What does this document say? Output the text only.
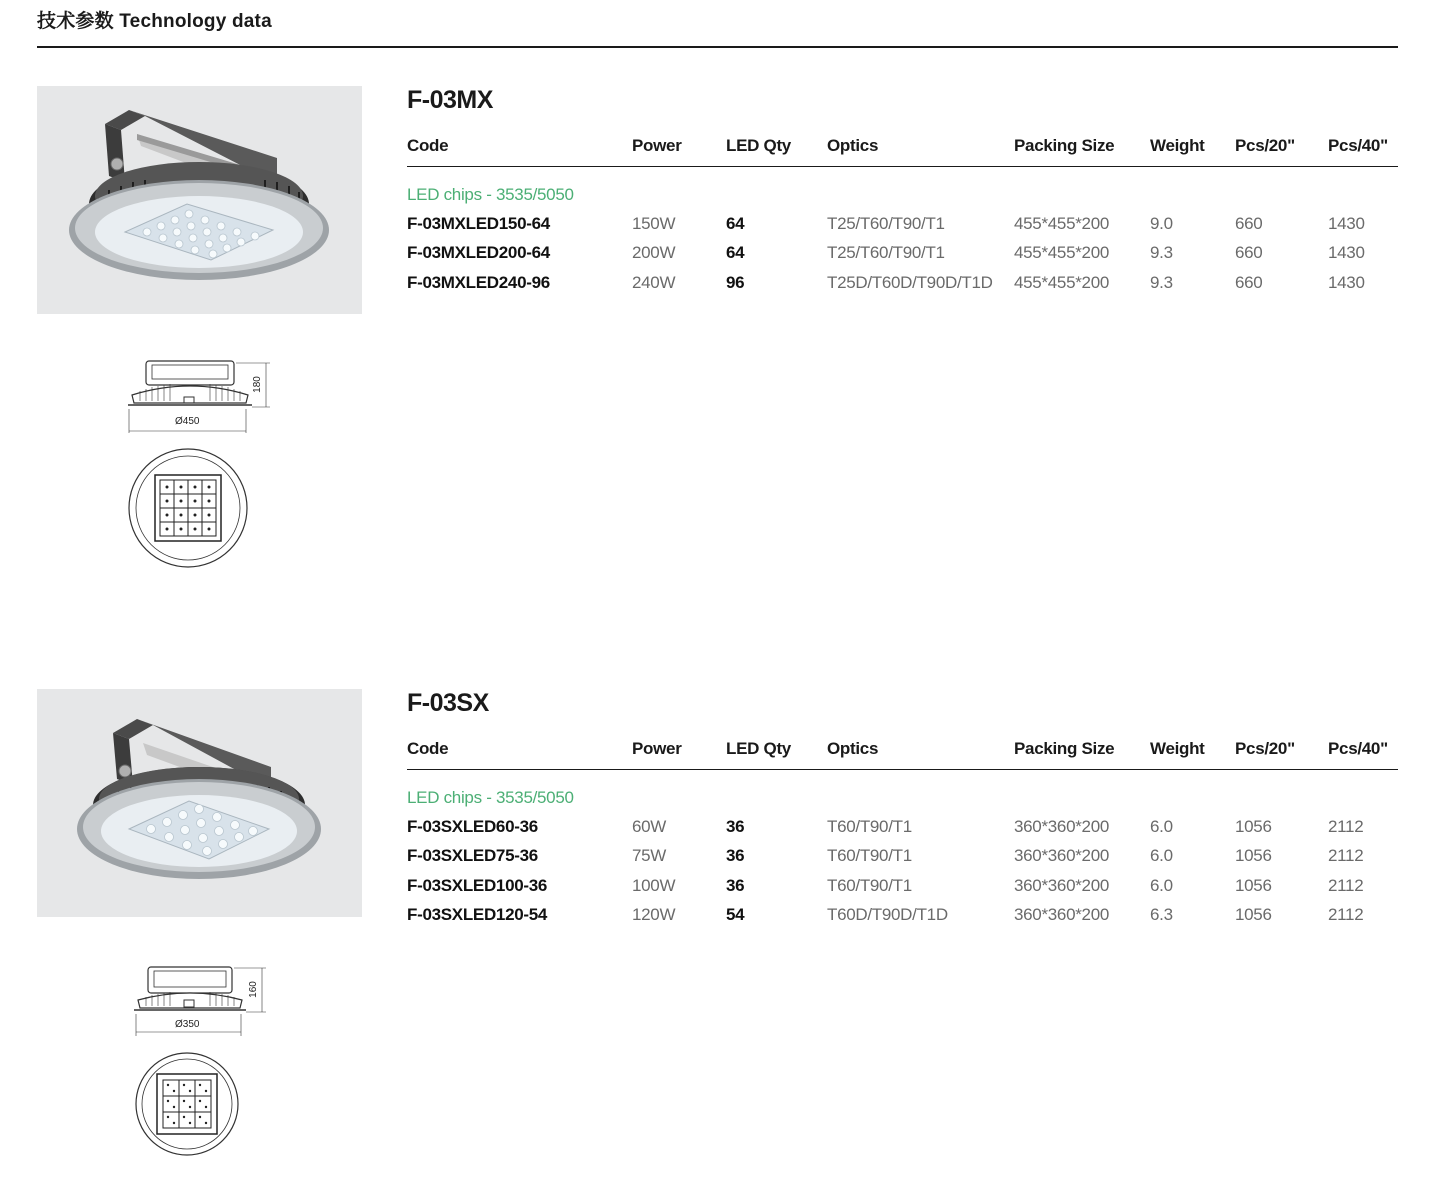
技术参数 Technology data
F-03MX
Code	Power	LED Qty	Optics	Packing Size	Weight	Pcs/20"	Pcs/40"
LED chips - 3535/5050							
F-03MXLED150-64	150W	64	T25/T60/T90/T1	455*455*200	9.0	660	1430
F-03MXLED200-64	200W	64	T25/T60/T90/T1	455*455*200	9.3	660	1430
F-03MXLED240-96	240W	96	T25D/T60D/T90D/T1D	455*455*200	9.3	660	1430
Ø450
180
F-03SX
Code	Power	LED Qty	Optics	Packing Size	Weight	Pcs/20"	Pcs/40"
LED chips - 3535/5050							
F-03SXLED60-36	60W	36	T60/T90/T1	360*360*200	6.0	1056	2112
F-03SXLED75-36	75W	36	T60/T90/T1	360*360*200	6.0	1056	2112
F-03SXLED100-36	100W	36	T60/T90/T1	360*360*200	6.0	1056	2112
F-03SXLED120-54	120W	54	T60D/T90D/T1D	360*360*200	6.3	1056	2112
Ø350
160
